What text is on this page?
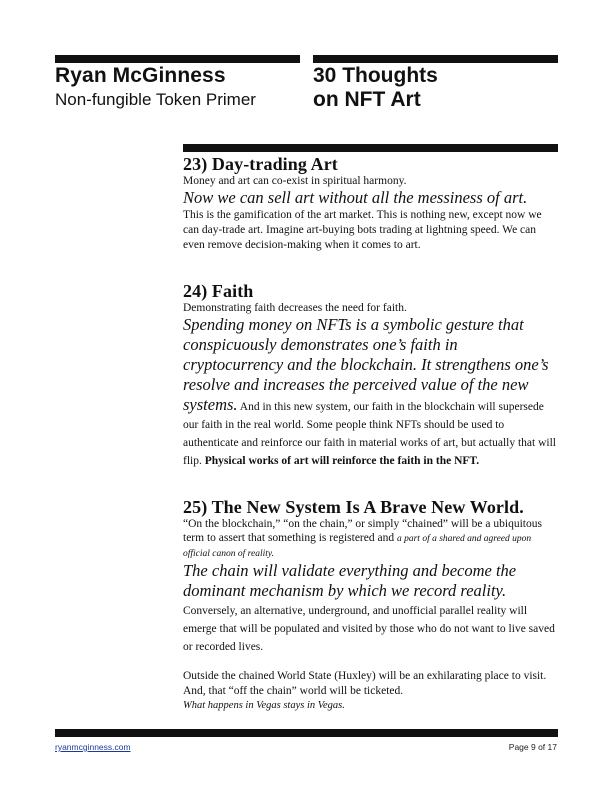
Ryan McGinness
Non-fungible Token Primer
30 Thoughts
on NFT Art
23) Day-trading Art

Money and art can co-exist in spiritual harmony.

Now we can sell art without all the messiness of art.

This is the gamification of the art market. This is nothing new, except now we can day-trade art. Imagine art-buying bots trading at lightning speed. We can even remove decision-making when it comes to art.

24) Faith

Demonstrating faith decreases the need for faith.

Spending money on NFTs is a symbolic gesture that conspicuously demonstrates one’s faith in cryptocurrency and the blockchain. It strengthens one’s resolve and increases the perceived value of the new systems. And in this new system, our faith in the blockchain will supersede our faith in the real world. Some people think NFTs should be used to authenticate and reinforce our faith in material works of art, but actually that will flip. Physical works of art will reinforce the faith in the NFT.

25) The New System Is A Brave New World.

“On the blockchain,” “on the chain,” or simply “chained” will be a ubiquitous term to assert that something is registered and a part of a shared and agreed upon official canon of reality.

The chain will validate everything and become the dominant mechanism by which we record reality. Conversely, an alternative, underground, and unofficial parallel reality will emerge that will be populated and visited by those who do not want to live saved or recorded lives.

Outside the chained World State (Huxley) will be an exhilarating place to visit. And, that “off the chain” world will be ticketed.

What happens in Vegas stays in Vegas.

ryanmcginness.com	Page 9 of 17
